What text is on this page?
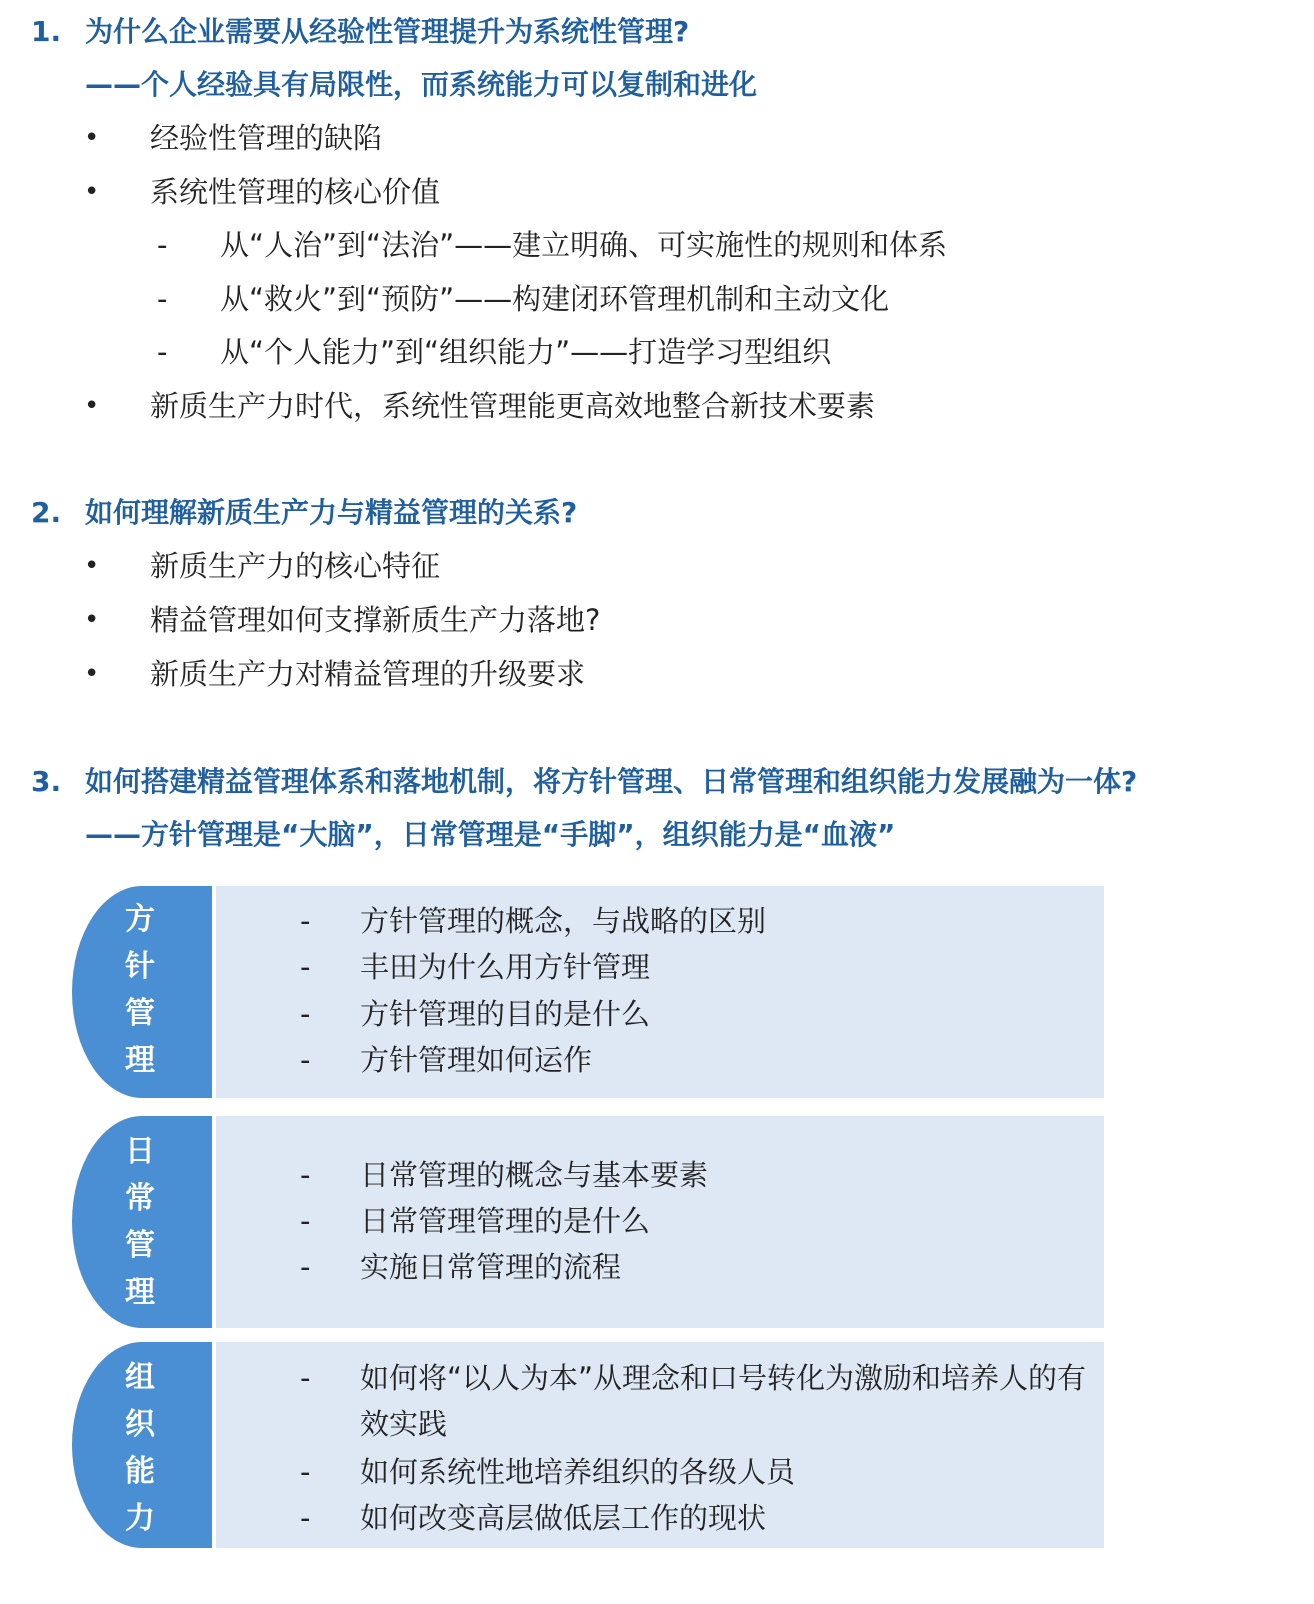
1. 为什么企业需要从经验性管理提升为系统性管理?
——个人经验具有局限性，而系统能力可以复制和进化
• 经验性管理的缺陷
• 系统性管理的核心价值
- 从“人治”到“法治”——建立明确、可实施性的规则和体系
- 从“救火”到“预防”——构建闭环管理机制和主动文化
- 从“个人能力”到“组织能力”——打造学习型组织
• 新质生产力时代，系统性管理能更高效地整合新技术要素
2. 如何理解新质生产力与精益管理的关系?
• 新质生产力的核心特征
• 精益管理如何支撑新质生产力落地?
• 新质生产力对精益管理的升级要求
3. 如何搭建精益管理体系和落地机制，将方针管理、日常管理和组织能力发展融为一体?
——方针管理是“大脑”，日常管理是“手脚”，组织能力是“血液”
方
针
管
理
- 方针管理的概念，与战略的区别
- 丰田为什么用方针管理
- 方针管理的目的是什么
- 方针管理如何运作
日
常
管
理
- 日常管理的概念与基本要素
- 日常管理管理的是什么
- 实施日常管理的流程
组
织
能
力
- 如何将“以人为本”从理念和口号转化为激励和培养人的有效实践
- 如何系统性地培养组织的各级人员
- 如何改变高层做低层工作的现状
